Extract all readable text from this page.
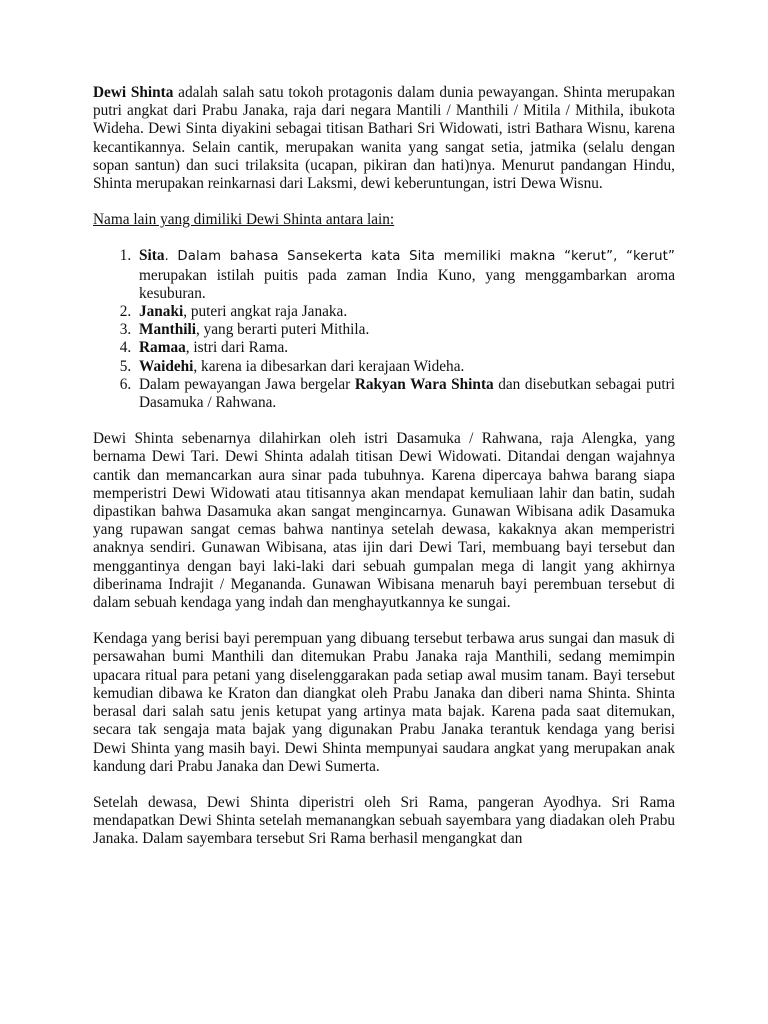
Dewi Shinta adalah salah satu tokoh protagonis dalam dunia pewayangan. Shinta merupakan putri angkat dari Prabu Janaka, raja dari negara Mantili / Manthili / Mitila / Mithila, ibukota Wideha. Dewi Sinta diyakini sebagai titisan Bathari Sri Widowati, istri Bathara Wisnu, karena kecantikannya. Selain cantik, merupakan wanita yang sangat setia, jatmika (selalu dengan sopan santun) dan suci trilaksita (ucapan, pikiran dan hati)nya. Menurut pandangan Hindu, Shinta merupakan reinkarnasi dari Laksmi, dewi keberuntungan, istri Dewa Wisnu.

Nama lain yang dimiliki Dewi Shinta antara lain:

1. Sita. Dalam bahasa Sansekerta kata Sita memiliki makna “kerut”, “kerut” merupakan istilah puitis pada zaman India Kuno, yang menggambarkan aroma kesuburan.
2. Janaki, puteri angkat raja Janaka.
3. Manthili, yang berarti puteri Mithila.
4. Ramaa, istri dari Rama.
5. Waidehi, karena ia dibesarkan dari kerajaan Wideha.
6. Dalam pewayangan Jawa bergelar Rakyan Wara Shinta dan disebutkan sebagai putri Dasamuka / Rahwana.

Dewi Shinta sebenarnya dilahirkan oleh istri Dasamuka / Rahwana, raja Alengka, yang bernama Dewi Tari. Dewi Shinta adalah titisan Dewi Widowati. Ditandai dengan wajahnya cantik dan memancarkan aura sinar pada tubuhnya. Karena dipercaya bahwa barang siapa memperistri Dewi Widowati atau titisannya akan mendapat kemuliaan lahir dan batin, sudah dipastikan bahwa Dasamuka akan sangat mengincarnya. Gunawan Wibisana adik Dasamuka yang rupawan sangat cemas bahwa nantinya setelah dewasa, kakaknya akan memperistri anaknya sendiri. Gunawan Wibisana, atas ijin dari Dewi Tari, membuang bayi tersebut dan menggantinya dengan bayi laki-laki dari sebuah gumpalan mega di langit yang akhirnya diberinama Indrajit / Megananda. Gunawan Wibisana menaruh bayi perembuan tersebut di dalam sebuah kendaga yang indah dan menghayutkannya ke sungai.

Kendaga yang berisi bayi perempuan yang dibuang tersebut terbawa arus sungai dan masuk di persawahan bumi Manthili dan ditemukan Prabu Janaka raja Manthili, sedang memimpin upacara ritual para petani yang diselenggarakan pada setiap awal musim tanam. Bayi tersebut kemudian dibawa ke Kraton dan diangkat oleh Prabu Janaka dan diberi nama Shinta. Shinta berasal dari salah satu jenis ketupat yang artinya mata bajak. Karena pada saat ditemukan, secara tak sengaja mata bajak yang digunakan Prabu Janaka terantuk kendaga yang berisi Dewi Shinta yang masih bayi. Dewi Shinta mempunyai saudara angkat yang merupakan anak kandung dari Prabu Janaka dan Dewi Sumerta.

Setelah dewasa, Dewi Shinta diperistri oleh Sri Rama, pangeran Ayodhya. Sri Rama mendapatkan Dewi Shinta setelah memanangkan sebuah sayembara yang diadakan oleh Prabu Janaka. Dalam sayembara tersebut Sri Rama berhasil mengangkat dan
